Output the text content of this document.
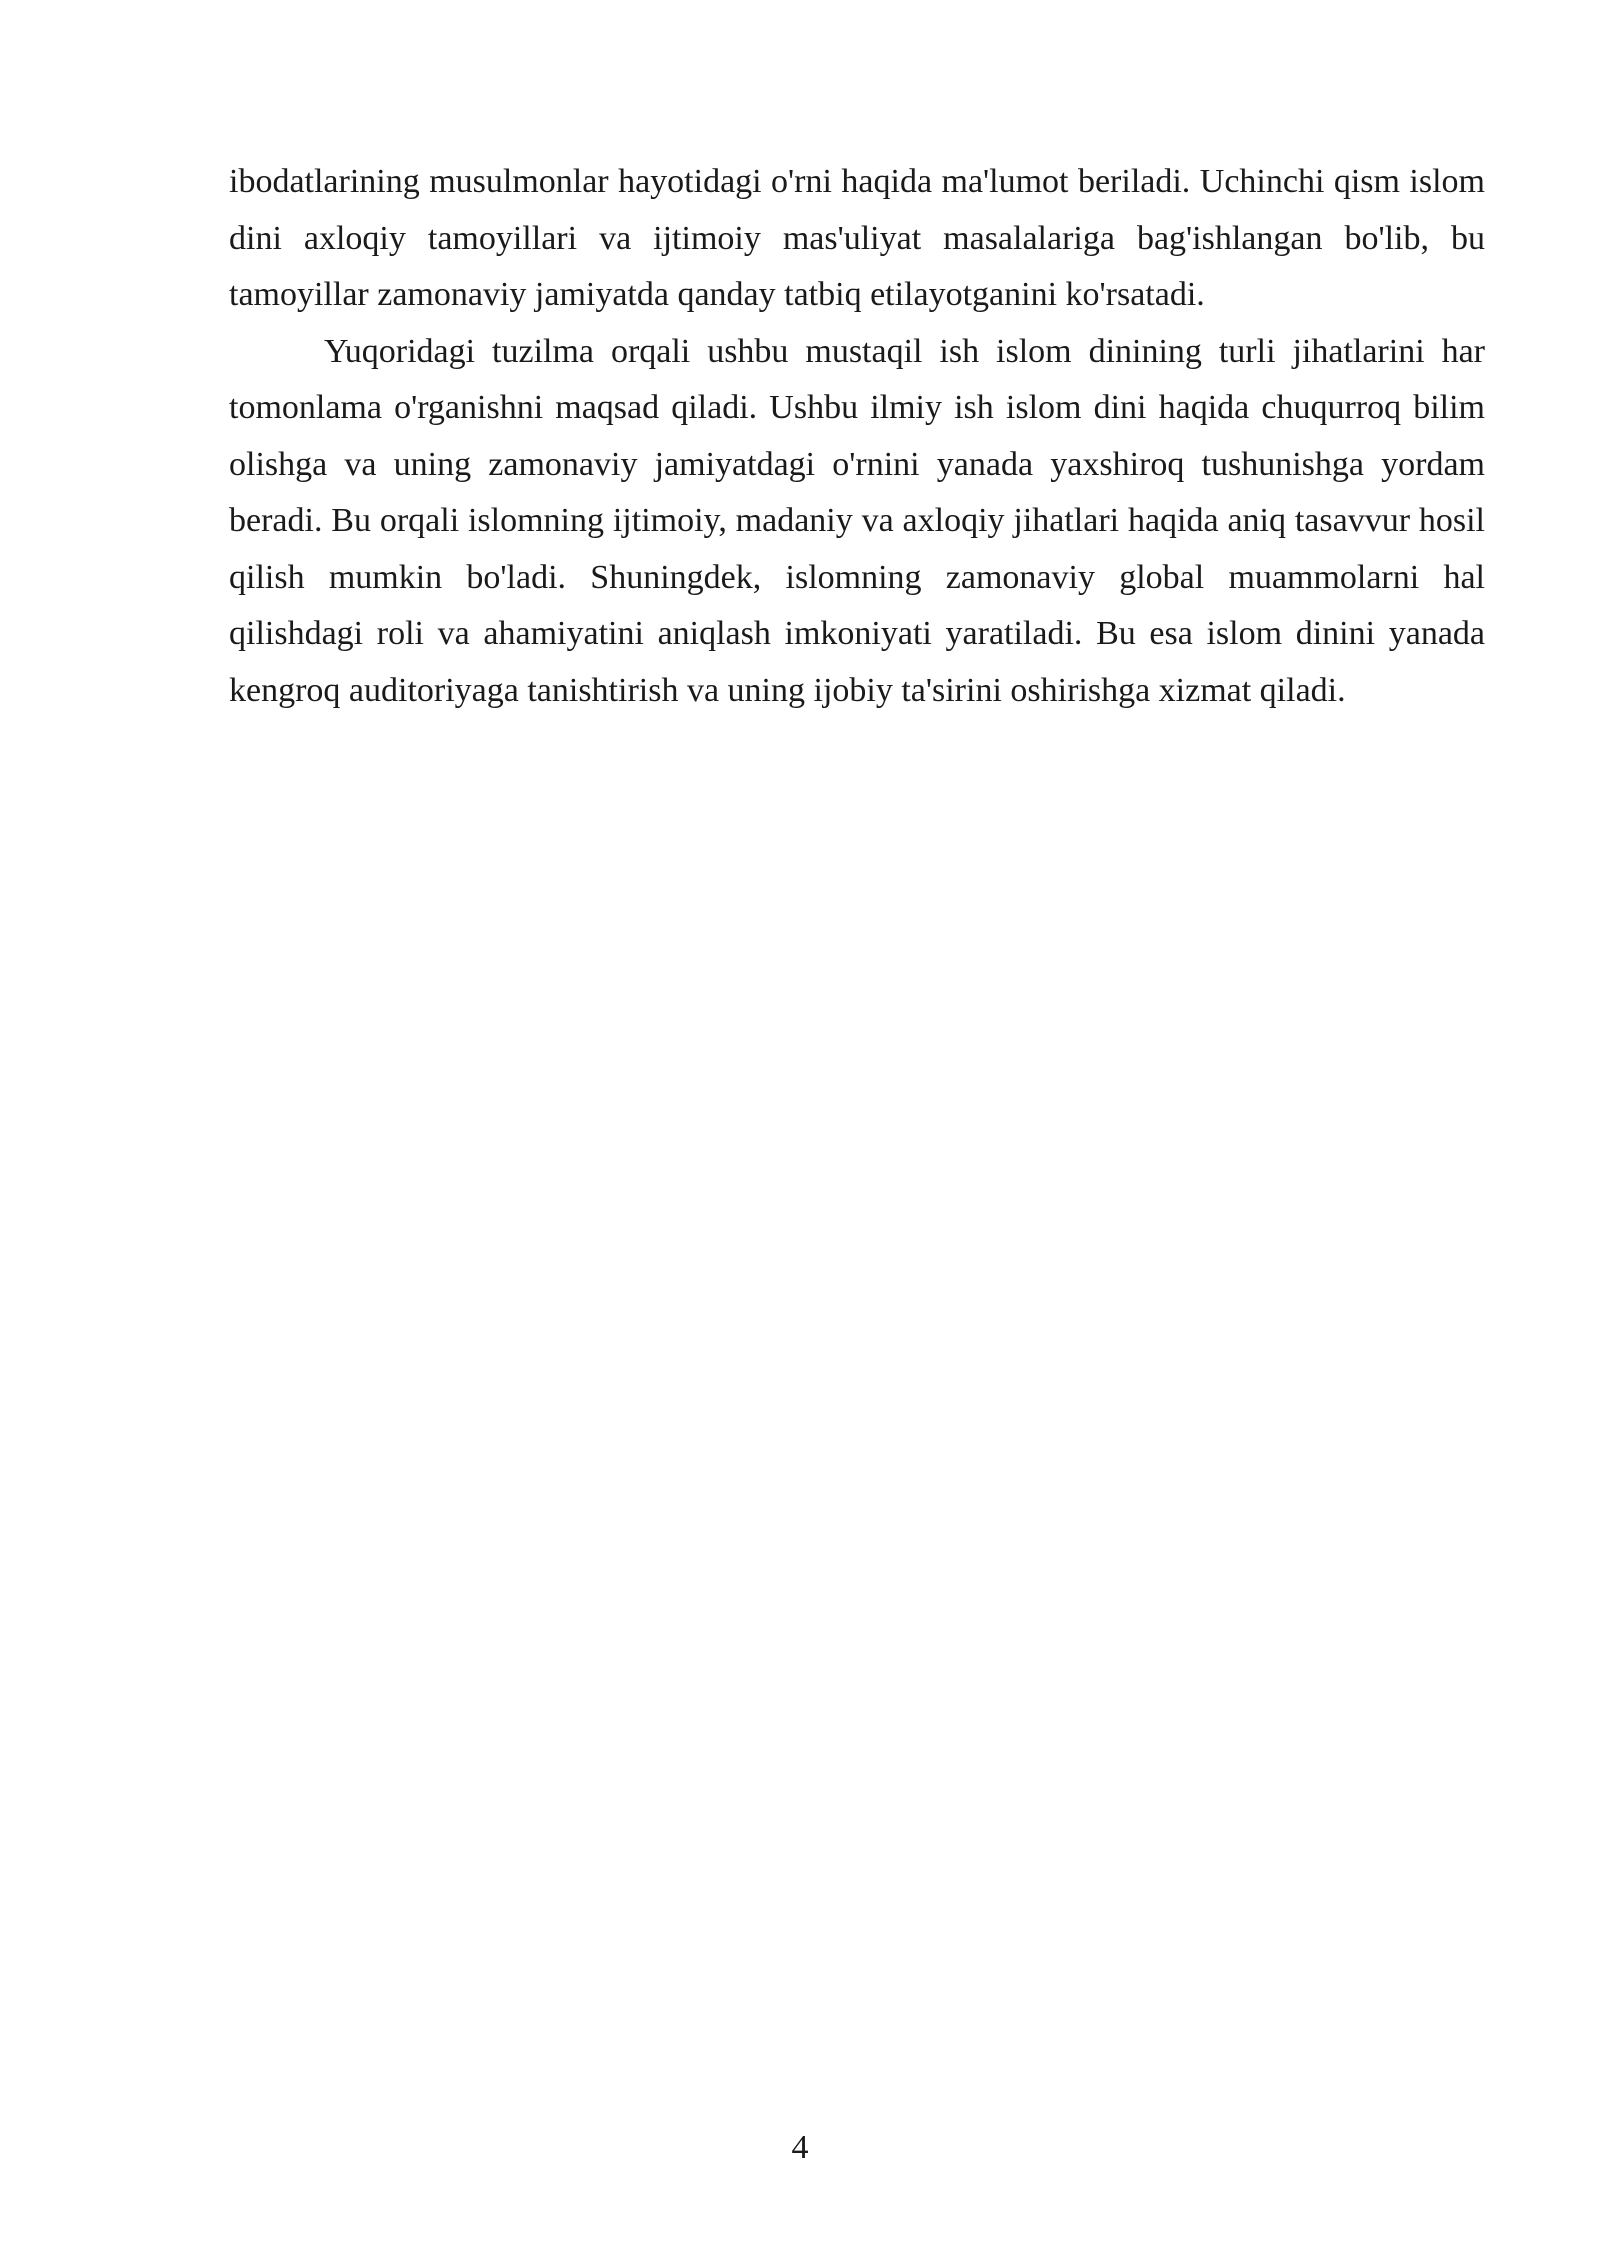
ibodatlarining musulmonlar hayotidagi o'rni haqida ma'lumot beriladi. Uchinchi qism islom dini axloqiy tamoyillari va ijtimoiy mas'uliyat masalalariga bag'ishlangan bo'lib, bu tamoyillar zamonaviy jamiyatda qanday tatbiq etilayotganini ko'rsatadi.

Yuqoridagi tuzilma orqali ushbu mustaqil ish islom dinining turli jihatlarini har tomonlama o'rganishni maqsad qiladi. Ushbu ilmiy ish islom dini haqida chuqurroq bilim olishga va uning zamonaviy jamiyatdagi o'rnini yanada yaxshiroq tushunishga yordam beradi. Bu orqali islomning ijtimoiy, madaniy va axloqiy jihatlari haqida aniq tasavvur hosil qilish mumkin bo'ladi. Shuningdek, islomning zamonaviy global muammolarni hal qilishdagi roli va ahamiyatini aniqlash imkoniyati yaratiladi. Bu esa islom dinini yanada kengroq auditoriyaga tanishtirish va uning ijobiy ta'sirini oshirishga xizmat qiladi.

4
